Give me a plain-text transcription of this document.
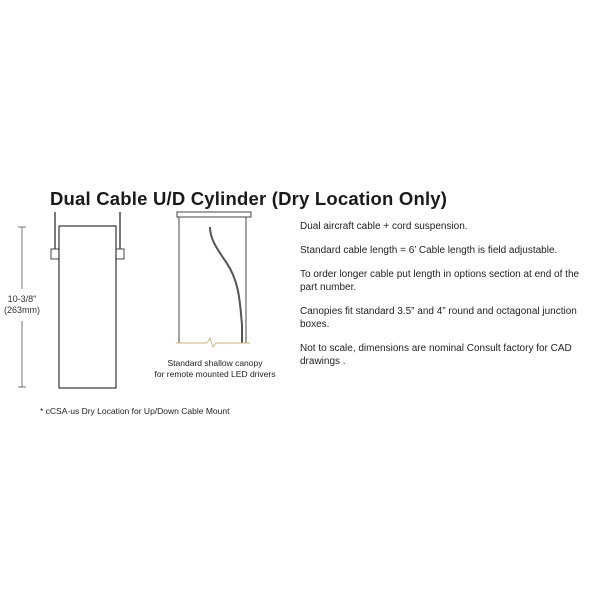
Dual Cable U/D Cylinder (Dry Location Only)
10-3/8"
(263mm)
Standard shallow canopy
for remote mounted LED drivers
* cCSA-us Dry Location for Up/Down Cable Mount

Dual aircraft cable + cord suspension.

Standard cable length = 6’ Cable length is field adjustable.

To order longer cable put length in options section at end of the part number.

Canopies fit standard 3.5” and 4” round and octagonal junction boxes.

Not to scale, dimensions are nominal Consult factory for CAD drawings .
